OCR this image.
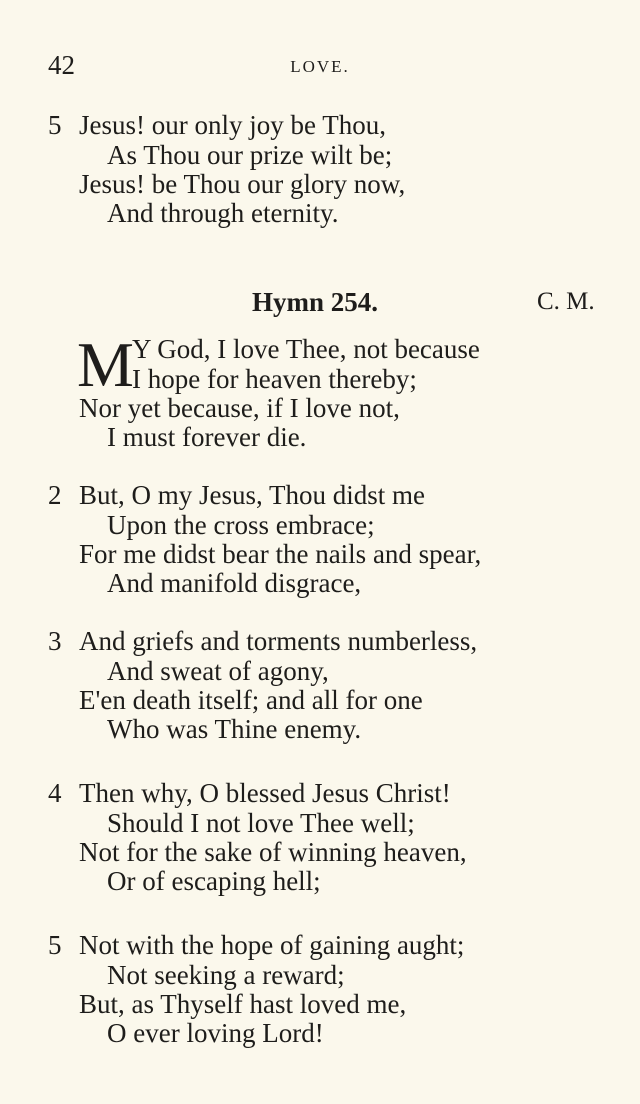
42	LOVE.
5 Jesus! our only joy be Thou,
As Thou our prize wilt be;
Jesus! be Thou our glory now,
And through eternity.
Hymn 254.	C. M.
M
Y God, I love Thee, not because
I hope for heaven thereby;
Nor yet because, if I love not,
I must forever die.
2 But, O my Jesus, Thou didst me
Upon the cross embrace;
For me didst bear the nails and spear,
And manifold disgrace,
3 And griefs and torments numberless,
And sweat of agony,
E'en death itself; and all for one
Who was Thine enemy.
4 Then why, O blessed Jesus Christ!
Should I not love Thee well;
Not for the sake of winning heaven,
Or of escaping hell;
5 Not with the hope of gaining aught;
Not seeking a reward;
But, as Thyself hast loved me,
O ever loving Lord!
